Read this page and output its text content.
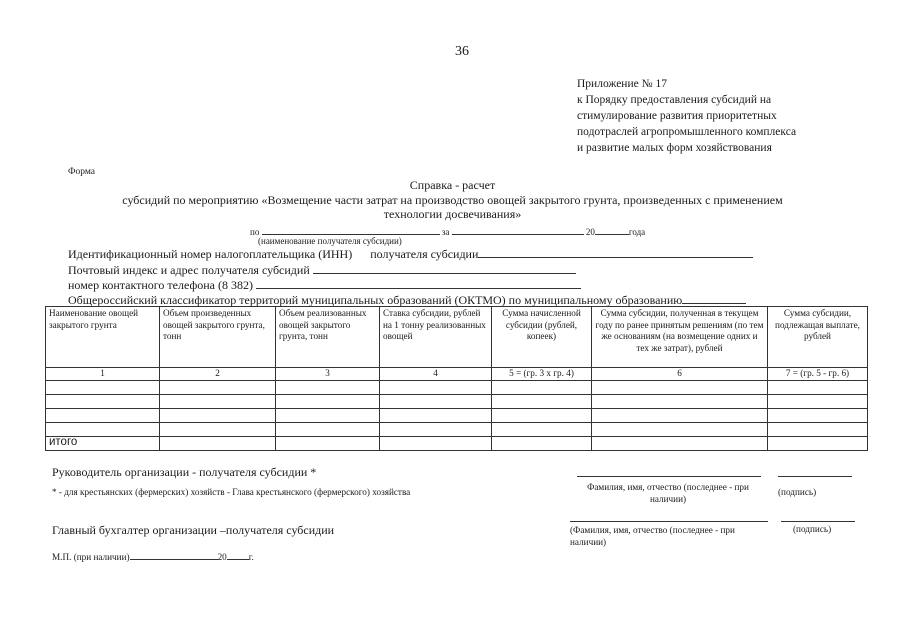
36
Приложение № 17
к Порядку предоставления субсидий на
стимулирование развития приоритетных
подотраслей агропромышленного комплекса
и развитие малых форм хозяйствования
Форма
Справка - расчет
субсидий по мероприятию «Возмещение части затрат на производство овощей закрытого грунта, произведенных с применением
технологии досвечивания»
по	за	20	года
(наименование получателя субсидии)
Идентификационный номер налогоплательщика (ИНН) получателя субсидии
Почтовый индекс и адрес получателя субсидий
номер контактного телефона (8 382)
Общероссийский классификатор территорий муниципальных образований (ОКТМО) по муниципальному образованию
Наименование овощей закрытого грунта	Объем произведенных овощей закрытого грунта, тонн	Объем реализованных овощей закрытого грунта, тонн	Ставка субсидии, рублей на 1 тонну реализованных овощей	Сумма начисленной субсидии (рублей, копеек)	Сумма субсидии, полученная в текущем году по ранее принятым решениям (по тем же основаниям (на возмещение одних и тех же затрат), рублей	Сумма субсидии, подлежащая выплате, рублей
1	2	3	4	5 = (гр. 3 х гр. 4)	6	7 = (гр. 5 - гр. 6)

итого						
Руководитель организации - получателя субсидии *
* - для крестьянских (фермерских) хозяйств - Глава крестьянского (фермерского) хозяйства	Фамилия, имя, отчество (последнее - при наличии)
(подпись)
Главный бухгалтер организации –получателя субсидии	(Фамилия, имя, отчество (последнее - при наличии)
(подпись)
М.П. (при наличии)	20 г.
